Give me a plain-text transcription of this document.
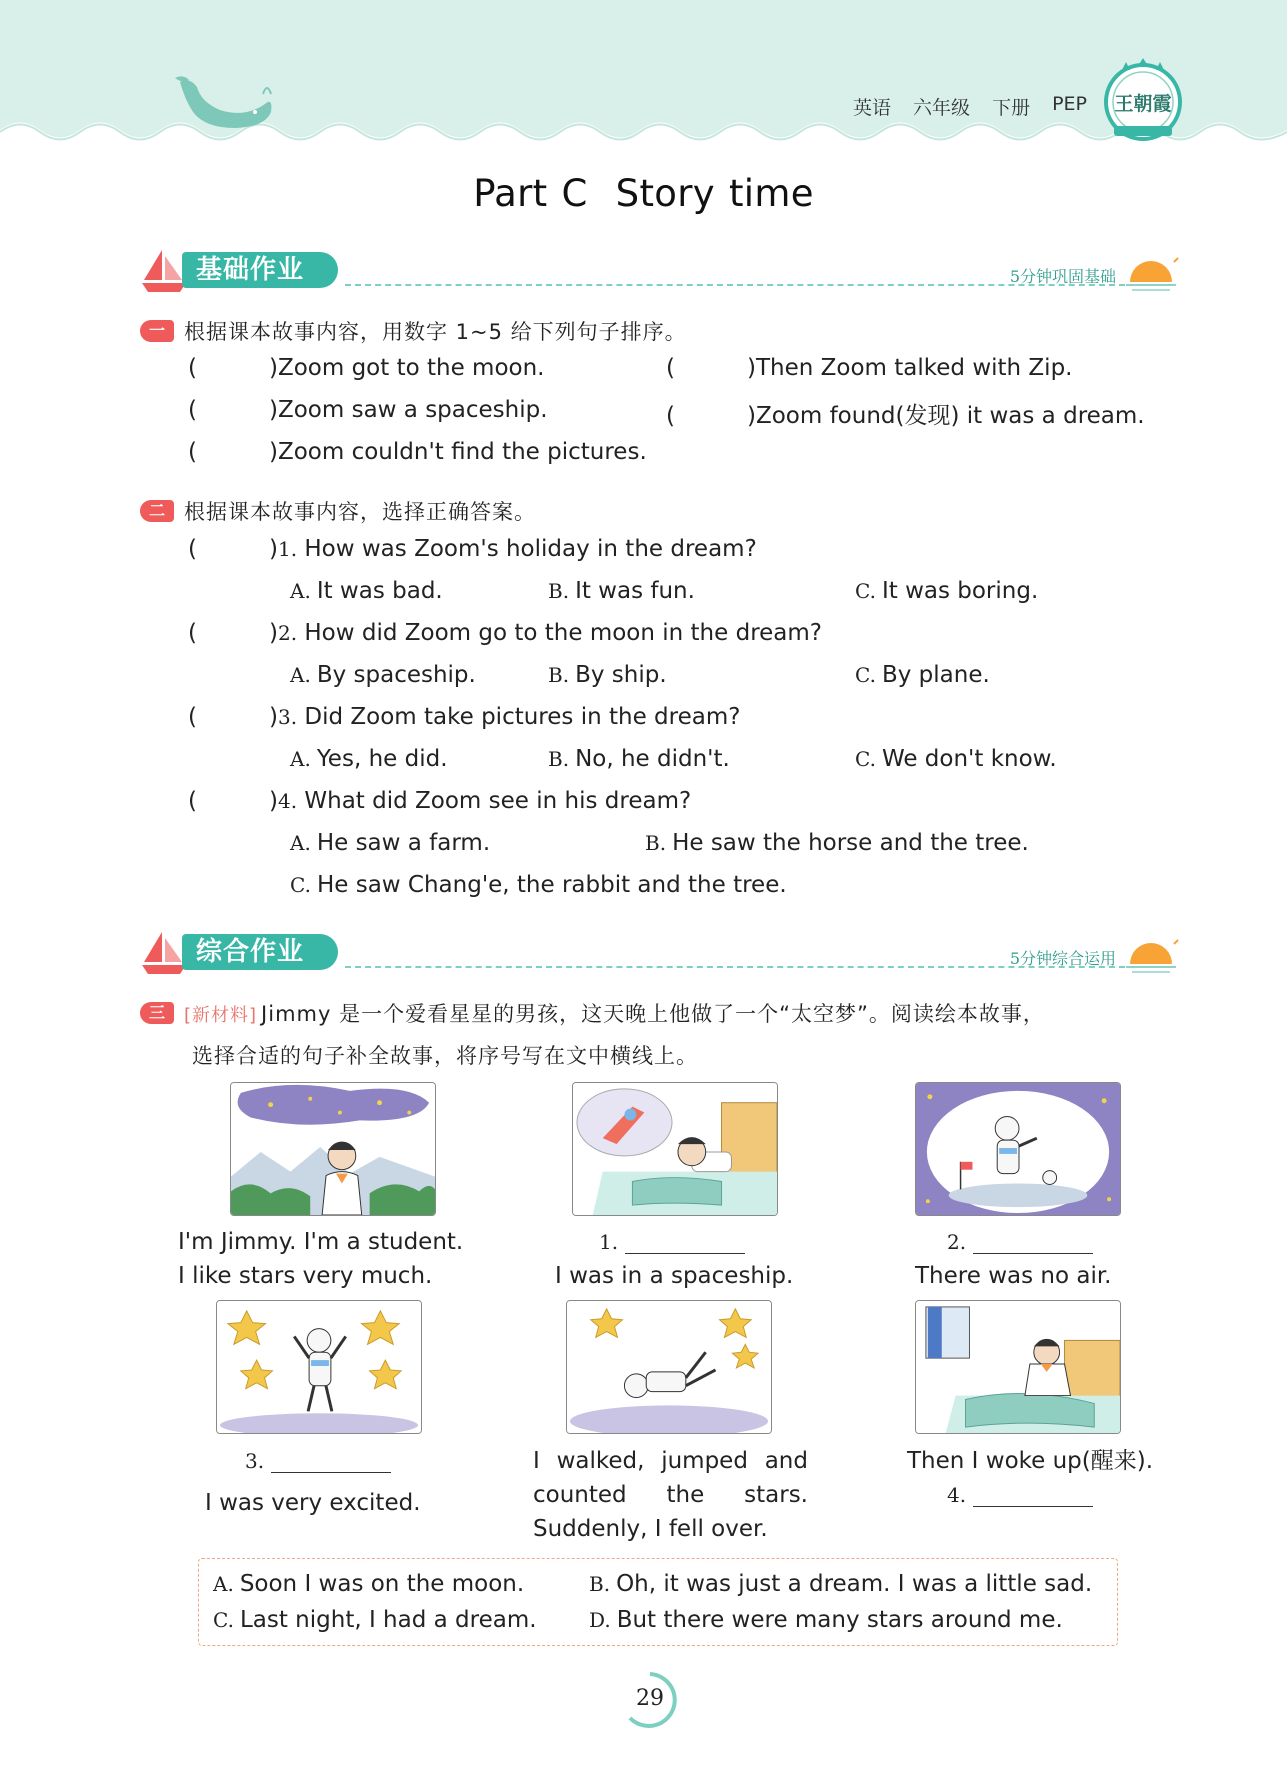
英语 六年级 下册 PEP 王朝霞
Part C Story time
基础作业	5分钟巩固基础
一 根据课本故事内容，用数字 1~5 给下列句子排序。
(	)Zoom got to the moon.	(	)Then Zoom talked with Zip.
(	)Zoom saw a spaceship.	(	)Zoom found(发现) it was a dream.
(	)Zoom couldn't find the pictures.
二 根据课本故事内容，选择正确答案。
(	)1. How was Zoom's holiday in the dream?
A. It was bad.	B. It was fun.	C. It was boring.
(	)2. How did Zoom go to the moon in the dream?
A. By spaceship.	B. By ship.	C. By plane.
(	)3. Did Zoom take pictures in the dream?
A. Yes, he did.	B. No, he didn't.	C. We don't know.
(	)4. What did Zoom see in his dream?
A. He saw a farm.	B. He saw the horse and the tree.
C. He saw Chang'e, the rabbit and the tree.
综合作业	5分钟综合运用
三	[新材料] Jimmy 是一个爱看星星的男孩，这天晚上他做了一个“太空梦”。阅读绘本故事，
选择合适的句子补全故事，将序号写在文中横线上。
I'm Jimmy. I'm a student.
I like stars very much.
1.
I was in a spaceship.
2.
There was no air.
3.
I was very excited.
I walked, jumped and
counted the stars.
Suddenly, I fell over.
Then I woke up(醒来).
4.
A. Soon I was on the moon.	B. Oh, it was just a dream. I was a little sad.
C. Last night, I had a dream.	D. But there were many stars around me.
29
